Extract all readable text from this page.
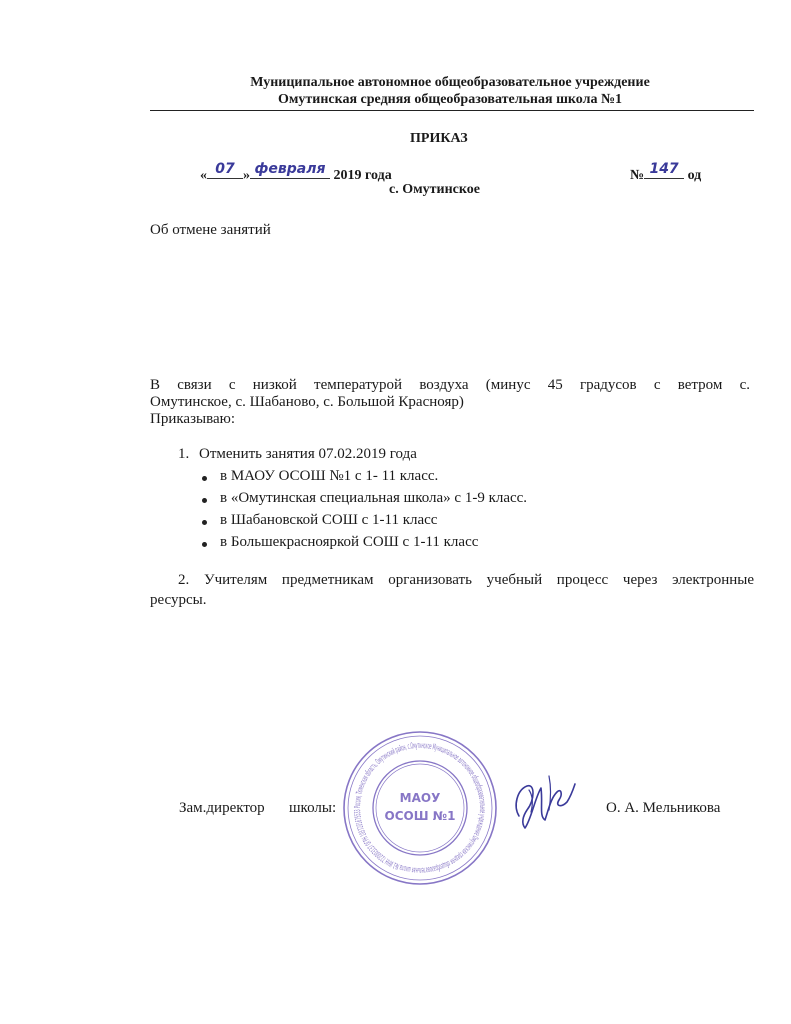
Муниципальное автономное общеобразовательное учреждение
Омутинская средняя общеобразовательная школа №1
ПРИКАЗ
« 07 » февраля 2019 года	№ 147 од
с. Омутинское
Об отмене занятий
В связи с низкой температурой воздуха (минус 45 градусов с ветром с.
Омутинское, с. Шабаново, с. Большой Краснояр)
Приказываю:
1. Отменить занятия 07.02.2019 года
в МАОУ ОСОШ №1 с 1- 11 класс.
в «Омутинская специальная школа» с 1-9 класс.
в Шабановской СОШ с 1-11 класс
в Большекраснояркой СОШ с 1-11 класс
2. Учителям предметникам организовать учебный процесс через электронные
ресурсы.
Россия, Тюменская область, Омутинский район, с.Омутинское Муниципальное автономное общеобразовательное учреждение Омутинская средняя общеобразовательная школа №1 ИНН 7220003137 ОГРН 1037201675533
МАОУ
ОСОШ №1
Зам.директор школы:	О. А. Мельникова
